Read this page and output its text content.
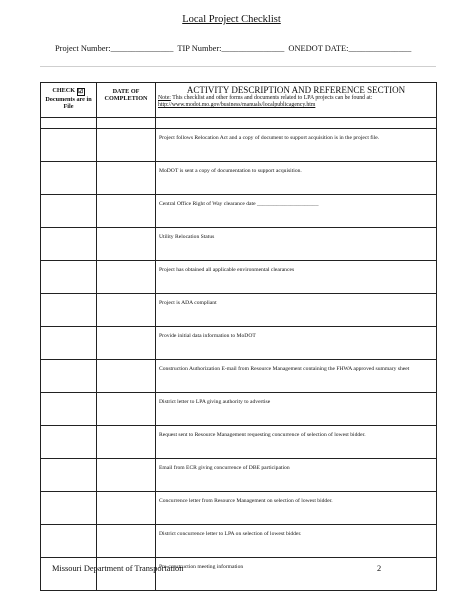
Local Project Checklist
Project Number:_______________ TIP Number:_______________ ONEDOT DATE:_______________
CHECK ☑
Documents are in File	DATE OF COMPLETION	ACTIVITY DESCRIPTION AND REFERENCE SECTION
Note: This checklist and other forms and documents related to LPA projects can be found at: http://www.modot.mo.gov/business/manuals/localpublicagency.htm

		Project follows Relocation Act and a copy of document to support acquisition is in the project file.
		MoDOT is sent a copy of documentation to support acquisition.
		Central Office Right of Way clearance date ______________________
		Utility Relocation Status
		Project has obtained all applicable environmental clearances
		Project is ADA compliant
		Provide initial data information to MoDOT
		Construction Authorization E-mail from Resource Management containing the FHWA approved summary sheet
		District letter to LPA giving authority to advertise
		Request sent to Resource Management requesting concurrence of selection of lowest bidder.
		Email from ECR giving concurrence of DBE participation
		Concurrence letter from Resource Management on selection of lowest bidder.
		District concurrence letter to LPA on selection of lowest bidder.
		Pre-construction meeting information
Missouri Department of Transportation	2
